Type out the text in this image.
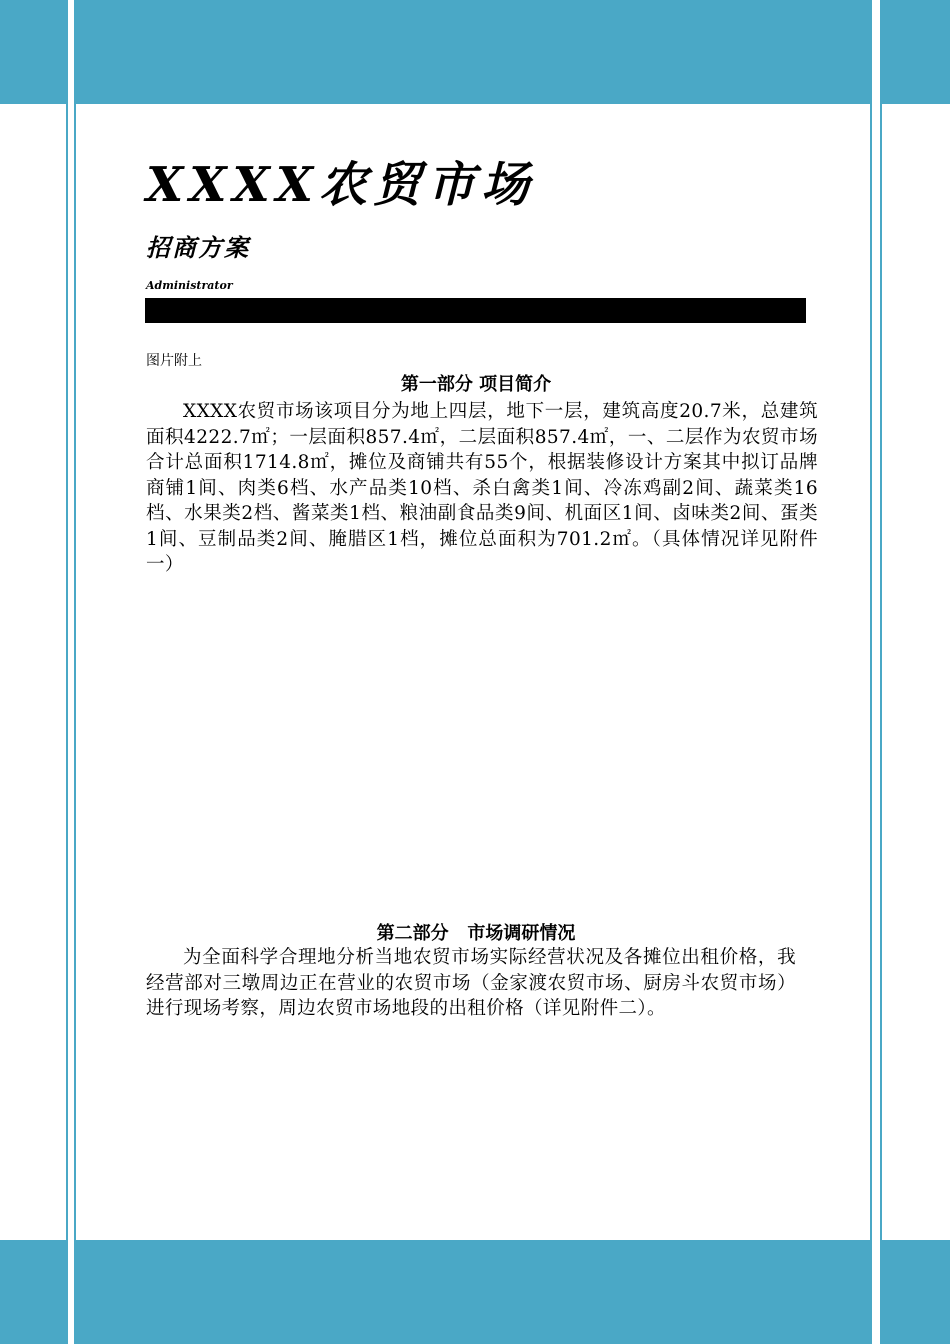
XXXX农贸市场
招商方案
Administrator
图片附上
第一部分 项目简介

XXXX农贸市场该项目分为地上四层，地下一层，建筑高度20.7米，总建筑面积4222.7㎡；一层面积857.4㎡，二层面积857.4㎡，一、二层作为农贸市场合计总面积1714.8㎡，摊位及商铺共有55个，根据装修设计方案其中拟订品牌商铺1间、肉类6档、水产品类10档、杀白禽类1间、冷冻鸡副2间、蔬菜类16档、水果类2档、酱菜类1档、粮油副食品类9间、机面区1间、卤味类2间、蛋类1间、豆制品类2间、腌腊区1档，摊位总面积为701.2㎡。（具体情况详见附件一）

第二部分   市场调研情况

为全面科学合理地分析当地农贸市场实际经营状况及各摊位出租价格，我经营部对三墩周边正在营业的农贸市场（金家渡农贸市场、厨房斗农贸市场）进行现场考察，周边农贸市场地段的出租价格（详见附件二）。
